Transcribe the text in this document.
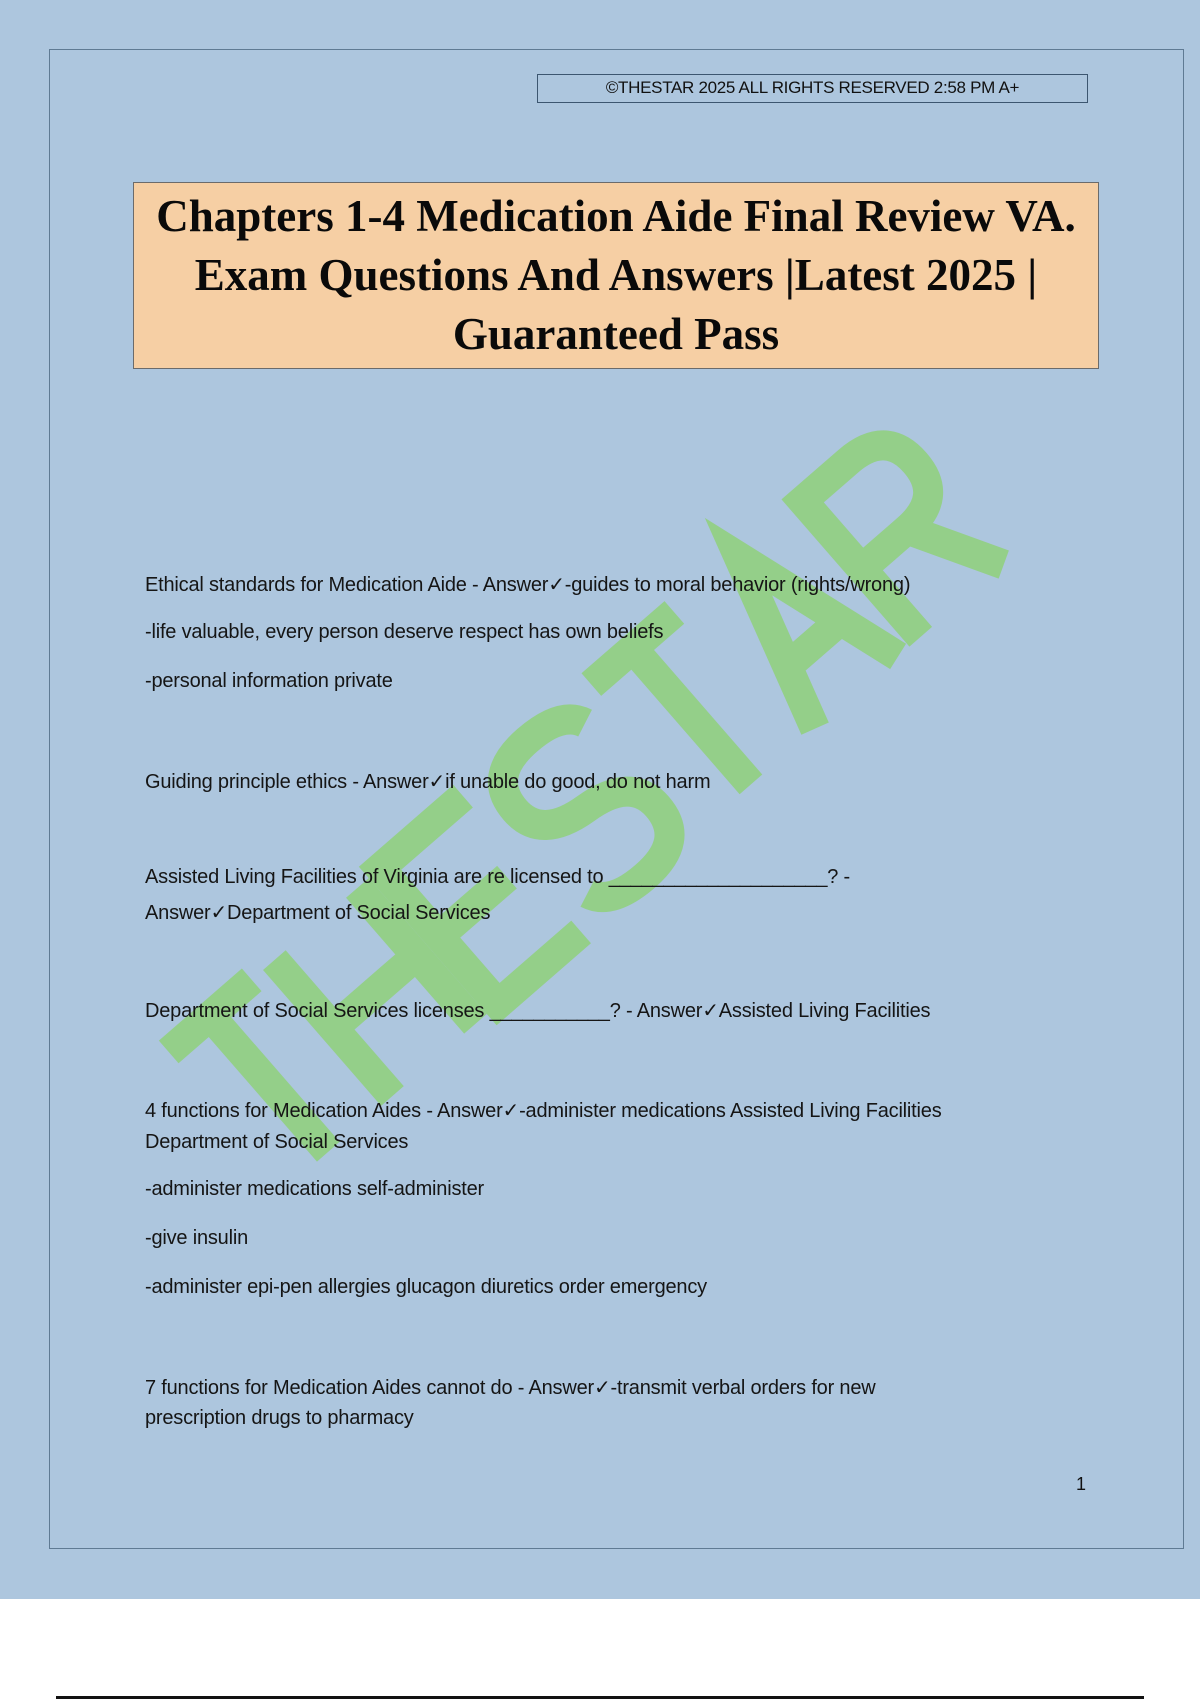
©THESTAR 2025 ALL RIGHTS RESERVED 2:58 PM A+
Chapters 1-4 Medication Aide Final Review VA. Exam Questions And Answers |Latest 2025 | Guaranteed Pass
Ethical standards for Medication Aide - Answer✓-guides to moral behavior (rights/wrong)
-life valuable, every person deserve respect has own beliefs
-personal information private
Guiding principle ethics - Answer✓if unable do good, do not harm
Assisted Living Facilities of Virginia are re licensed to ____________________? -
Answer✓Department of Social Services
Department of Social Services licenses ___________? - Answer✓Assisted Living Facilities
4 functions for Medication Aides - Answer✓-administer medications Assisted Living Facilities
Department of Social Services
-administer medications self-administer
-give insulin
-administer epi-pen allergies glucagon diuretics order emergency
7 functions for Medication Aides cannot do - Answer✓-transmit verbal orders for new
prescription drugs to pharmacy
1
